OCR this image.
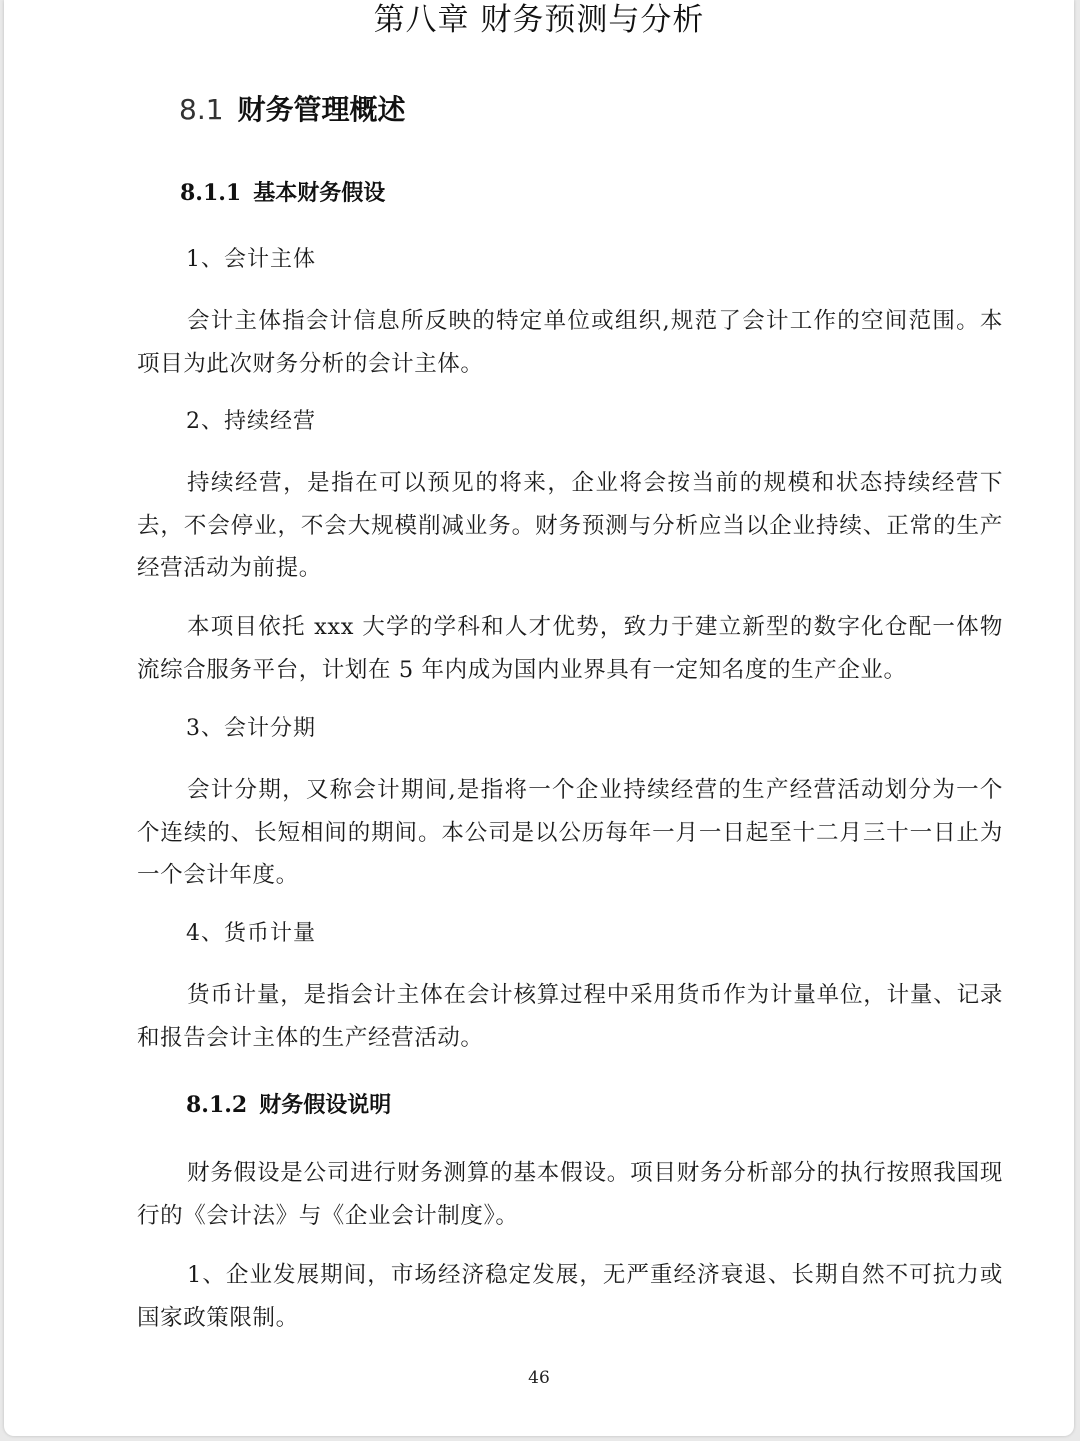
第八章 财务预测与分析
8.1 财务管理概述
8.1.1 基本财务假设
1、会计主体
会计主体指会计信息所反映的特定单位或组织,规范了会计工作的空间范围。本项目为此次财务分析的会计主体。
2、持续经营
持续经营，是指在可以预见的将来，企业将会按当前的规模和状态持续经营下去，不会停业，不会大规模削减业务。财务预测与分析应当以企业持续、正常的生产经营活动为前提。
本项目依托 xxx 大学的学科和人才优势，致力于建立新型的数字化仓配一体物流综合服务平台，计划在 5 年内成为国内业界具有一定知名度的生产企业。
3、会计分期
会计分期，又称会计期间,是指将一个企业持续经营的生产经营活动划分为一个个连续的、长短相间的期间。本公司是以公历每年一月一日起至十二月三十一日止为一个会计年度。
4、货币计量
货币计量，是指会计主体在会计核算过程中采用货币作为计量单位，计量、记录和报告会计主体的生产经营活动。
8.1.2 财务假设说明
财务假设是公司进行财务测算的基本假设。项目财务分析部分的执行按照我国现行的《会计法》与《企业会计制度》。
1、企业发展期间，市场经济稳定发展，无严重经济衰退、长期自然不可抗力或国家政策限制。
46
